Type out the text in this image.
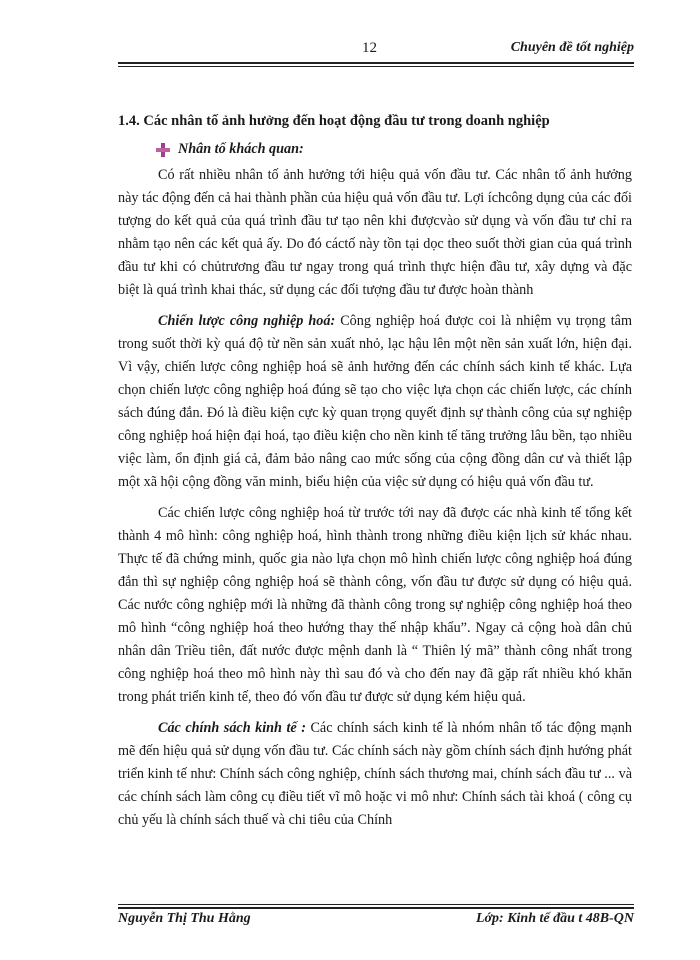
12	Chuyên đề tốt nghiệp
1.4. Các nhân tố ảnh hưởng đến hoạt động đầu tư trong doanh nghiệp
Nhân tố khách quan:

Có rất nhiều nhân tố ảnh hưởng tới hiệu quả vốn đầu tư. Các nhân tố ảnh hưởng này tác động đến cả hai thành phần của hiệu quả vốn đầu tư. Lợi íchcông dụng của các đối tượng do kết quả của quá trình đầu tư tạo nên khi đượcvào sử dụng và vốn đầu tư chỉ ra nhằm tạo nên các kết quả ấy. Do đó cáctố này tồn tại dọc theo suốt thời gian của quá trình đầu tư khi có chủtrương đầu tư ngay trong quá trình thực hiện đầu tư, xây dựng và đặc biệt là quá trình khai thác, sử dụng các đối tượng đầu tư được hoàn thành

Chiến lược công nghiệp hoá: Công nghiệp hoá được coi là nhiệm vụ trọng tâm trong suốt thời kỳ quá độ từ nền sản xuất nhỏ, lạc hậu lên một nền sản xuất lớn, hiện đại. Vì vậy, chiến lược công nghiệp hoá sẽ ảnh hưởng đến các chính sách kinh tế khác. Lựa chọn chiến lược công nghiệp hoá đúng sẽ tạo cho việc lựa chọn các chiến lược, các chính sách đúng đắn. Đó là điều kiện cực kỳ quan trọng quyết định sự thành công của sự nghiệp công nghiệp hoá hiện đại hoá, tạo điều kiện cho nền kinh tế tăng trưởng lâu bền, tạo nhiều việc làm, ổn định giá cả, đảm bảo nâng cao mức sống của cộng đồng dân cư và thiết lập một xã hội cộng đồng văn minh, biểu hiện của việc sử dụng có hiệu quả vốn đầu tư.

Các chiến lược công nghiệp hoá từ trước tới nay đã được các nhà kinh tế tổng kết thành 4 mô hình: công nghiệp hoá, hình thành trong những điều kiện lịch sử khác nhau. Thực tế đã chứng minh, quốc gia nào lựa chọn mô hình chiến lược công nghiệp hoá đúng đắn thì sự nghiệp công nghiệp hoá sẽ thành công, vốn đầu tư được sử dụng có hiệu quả. Các nước công nghiệp mới là những đã thành công trong sự nghiệp công nghiệp hoá theo mô hình “công nghiệp hoá theo hướng thay thế nhập khẩu”. Ngay cả cộng hoà dân chủ nhân dân Triều tiên, đất nước được mệnh danh là “ Thiên lý mã” thành công nhất trong công nghiệp hoá theo mô hình này thì sau đó và cho đến nay đã gặp rất nhiều khó khăn trong phát triển kinh tế, theo đó vốn đầu tư được sử dụng kém hiệu quả.

Các chính sách kinh tế : Các chính sách kinh tế là nhóm nhân tố tác động mạnh mẽ đến hiệu quả sử dụng vốn đầu tư. Các chính sách này gồm chính sách định hướng phát triển kinh tế như: Chính sách công nghiệp, chính sách thương mai, chính sách đầu tư ... và các chính sách làm công cụ điều tiết vĩ mô hoặc vi mô như: Chính sách tài khoá ( công cụ chủ yếu là chính sách thuế và chi tiêu của Chính

Nguyễn Thị Thu Hằng	Lớp: Kinh tế đầu t 48B-QN
